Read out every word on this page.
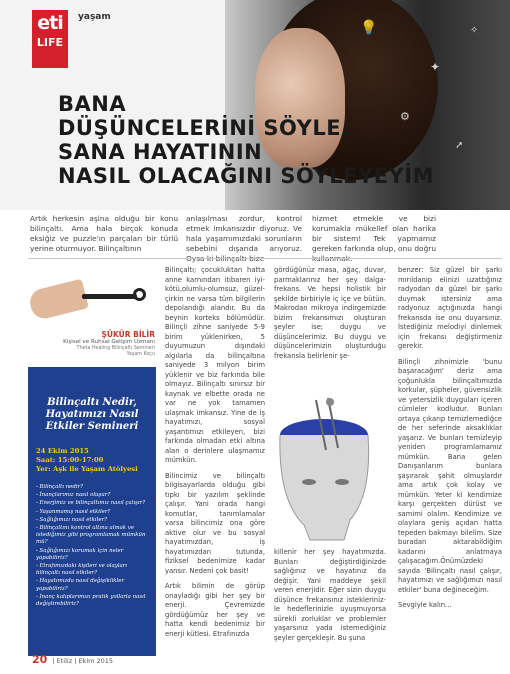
💡
✦
⚙
✧
➚
eti
LIFE
yaşam
BANA
DÜŞÜNCELERİNİ SÖYLE,
SANA HAYATININ
NASIL OLACAĞINI SÖYLEYEYİM
Artık herkesin aşina olduğu bir konu bilinçaltı. Ama hala birçok konuda eksiğiz ve puzzle'ın parçaları bir türlü yerine oturmuyor. Bilinçaltının
anlaşılması zordur, kontrol etmek imkansızdır diyoruz. Ve hala yaşamımızdaki sorunların sebebini dışarıda arıyoruz.
hizmet etmekle ve bizi korumakla mükellef olan harika bir sistem! Tek yapmamız gereken farkında olup, onu doğru
ŞÜKÜR BİLİR
Kişisel ve Ruhsal Gelişim Uzmanı
Theta Healing Bilinçaltı Semineri
Yaşam Koçu
Bilinçaltı Nedir, Hayatımızı Nasıl Etkiler Semineri
24 Ekim 2015
Saat: 15:00-17:00
Yer: Aşk ile Yaşam Atölyesi
- Bilinçaltı nedir?
- İnançlarımız nasıl oluşur?
- Enerjimiz ve bilinçaltımız nasıl çalışır?
- Yaşanmamış nasıl etkiler?
- Sağlığımızı nasıl etkiler?
- Bilinçaltını kontrol altına almak ve istediğimiz gibi programlamak mümkün mü?
- Sağlığımızı korumak için neler yapabiliriz?
- Etrafımızdaki kişileri ve olayları bilinçaltı nasıl etkiler?
- Hayatımızda nasıl değişiklikler yapabiliriz?
- İnanç kalıplarımızı pratik yollarla nasıl değiştirebiliriz?

Bilinçaltı; çocukluktan hatta anne karnından itibaren iyi-kötü,olumlu-olumsuz, güzel-çirkin ne varsa tüm bilgilerin depolandığı alandır. Bu da beynin korteks bölümüdür. Bilinçli zihne saniyede 5-9 birim yüklenirken, 5 duyumuzun dışındaki algılarla da bilinçaltına saniyede 3 milyon birim yüklenir ve biz farkında bile olmayız. Bilinçaltı sınırsız bir kaynak ve elbette orada ne var ne yok tamamen ulaşmak imkansız. Yine de iş hayatımızı, sosyal yaşantımızı etkileyen, bizi farkında olmadan etki altına alan o derinlere ulaşmamız mümkün.

Bilincimiz ve bilinçaltı bilgisayarlarda olduğu gibi tıpkı bir yazılım şeklinde çalışır. Yani orada hangi komutlar, tanımlamalar varsa bilincimiz ona göre aktive olur ve bu sosyal hayatımızdan, iş hayatımızdan tutunda, fiziksel bedenimize kadar yansır. Nedeni çok basit!

Artık bilimin de görüp onayladığı gibi her şey bir enerji. Çevremizde gördüğümüz her şey ve hatta kendi bedenimiz bir enerji kütlesi. Etrafınızda

gördüğünüz masa, ağaç, duvar, parmaklarınız her şey dalga-frekans. Ve hepsi holistik bir şekilde birbiriyle iç içe ve bütün. Makrodan mikroya indirgemizde bizim frekansımızı oluşturan şeyler ise; duygu ve düşüncelerimiz. Bu duygu ve düşüncelerimizin oluşturduğu frekansla belirlenir şe-

killenir her şey hayatımızda. Bunları değiştirdiğinizde sağlığınız ve hayatınız da değişir. Yani maddeye şekil veren enerjidir. Eğer sizin duygu düşünce frekansınız istekleriniz-le hedeflerinizle uyuşmuyorsa sürekli zorluklar ve problemler yaşarsınız yada istemediğiniz şeyler gerçekleşir. Bu şuna

benzer: Siz güzel bir şarkı mırıldanıp elinizi uzattığınız radyodan da güzel bir şarkı duymak istersiniz ama radyonuz açtığınızda hangi frekansda ise onu duyarsınız. İstediğiniz melodiyi dinlemek için frekansı değiştirmeniz gerekir.

Bilinçli zihnimizle 'bunu başaracağım' deriz ama çoğunlukla bilinçaltımızda korkular, şüpheler, güvensizlik ve yetersizlik duyguları içeren cümleler kodludur. Bunları ortaya çıkarıp temizlemediğce de her seferinde aksaklıklar yaşarız. Ve bunları temizleyip yeniden programlamamız mümkün. Bana gelen Danışanlarım bunlara şaşırarak şahit olmuşlardır ama artık çok kolay ve mümkün. Yeter ki kendimize karşı gerçekten dürüst ve samimi olalım. Kendimize ve olaylara geniş açıdan hatta tepeden bakmayı bilelim. Size buradan aktarabildiğim kadarını anlatmaya çalışacağım.Önümüzdeki sayıda 'Bilinçaltı nasıl çalışır, hayatımızı ve sağlığımızı nasıl etkiler' buna değineceğim.

Sevgiyle kalın...

20 | Etiliz | Ekim 2015
